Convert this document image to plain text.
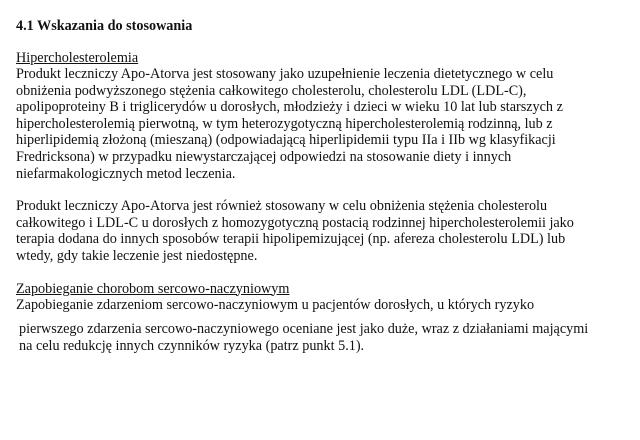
4.1 Wskazania do stosowania
Hipercholesterolemia
Produkt leczniczy Apo-Atorva jest stosowany jako uzupełnienie leczenia dietetycznego w celu
obniżenia podwyższonego stężenia całkowitego cholesterolu, cholesterolu LDL (LDL-C),
apolipoproteiny B i triglicerydów u dorosłych, młodzieży i dzieci w wieku 10 lat lub starszych z
hipercholesterolemią pierwotną, w tym heterozygotyczną hipercholesterolemią rodzinną, lub z
hiperlipidemią złożoną (mieszaną) (odpowiadającą hiperlipidemii typu IIa i IIb wg klasyfikacji
Fredricksona) w przypadku niewystarczającej odpowiedzi na stosowanie diety i innych
niefarmakologicznych metod leczenia.
Produkt leczniczy Apo-Atorva jest również stosowany w celu obniżenia stężenia cholesterolu
całkowitego i LDL-C u dorosłych z homozygotyczną postacią rodzinnej hipercholesterolemii jako
terapia dodana do innych sposobów terapii hipolipemizującej (np. afereza cholesterolu LDL) lub
wtedy, gdy takie leczenie jest niedostępne.
Zapobieganie chorobom sercowo-naczyniowym
Zapobieganie zdarzeniom sercowo-naczyniowym u pacjentów dorosłych, u których ryzyko
pierwszego zdarzenia sercowo-naczyniowego oceniane jest jako duże, wraz z działaniami mającymi
na celu redukcję innych czynników ryzyka (patrz punkt 5.1).
